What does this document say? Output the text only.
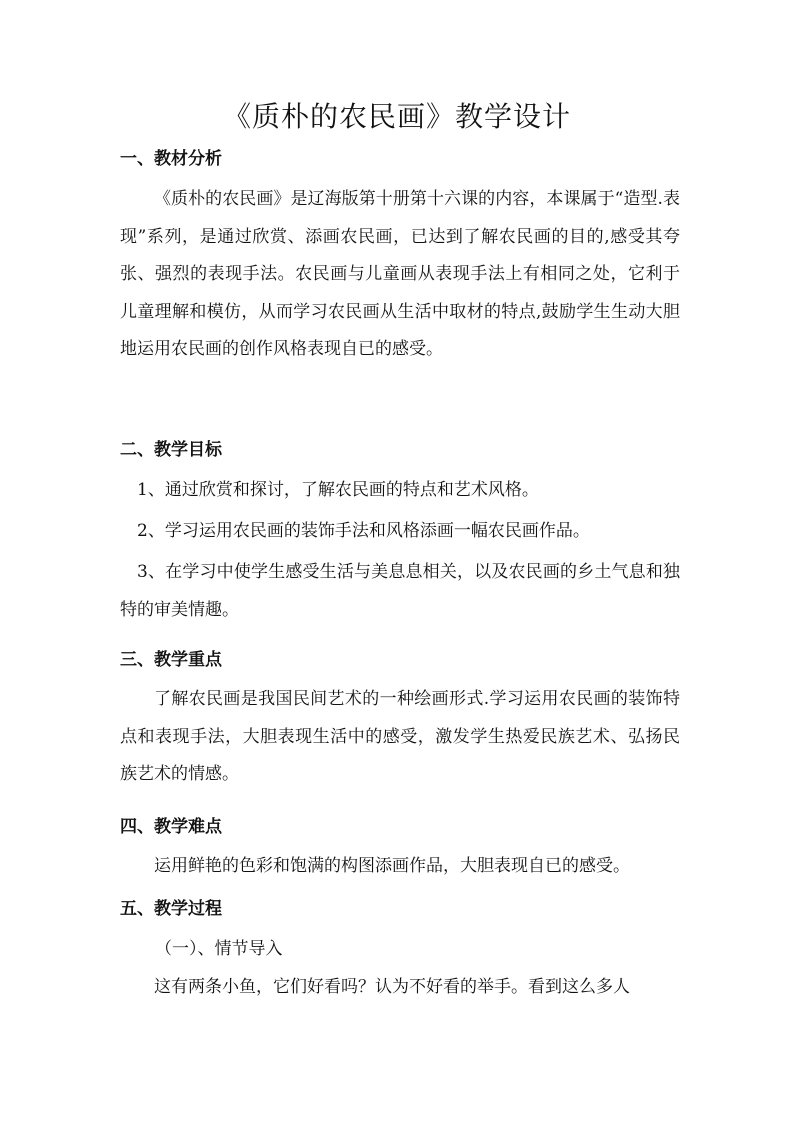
《质朴的农民画》教学设计
一、教材分析
《质朴的农民画》是辽海版第十册第十六课的内容，本课属于“造型.表现”系列，是通过欣赏、添画农民画，已达到了解农民画的目的,感受其夸张、强烈的表现手法。农民画与儿童画从表现手法上有相同之处，它利于儿童理解和模仿，从而学习农民画从生活中取材的特点,鼓励学生生动大胆地运用农民画的创作风格表现自已的感受。
二、教学目标
1、通过欣赏和探讨，了解农民画的特点和艺术风格。
2、学习运用农民画的装饰手法和风格添画一幅农民画作品。
3、在学习中使学生感受生活与美息息相关，以及农民画的乡土气息和独特的审美情趣。
三、教学重点
了解农民画是我国民间艺术的一种绘画形式.学习运用农民画的装饰特点和表现手法，大胆表现生活中的感受，激发学生热爱民族艺术、弘扬民族艺术的情感。
四、教学难点
运用鲜艳的色彩和饱满的构图添画作品，大胆表现自已的感受。
五、教学过程
（一）、情节导入
这有两条小鱼，它们好看吗？认为不好看的举手。看到这么多人
